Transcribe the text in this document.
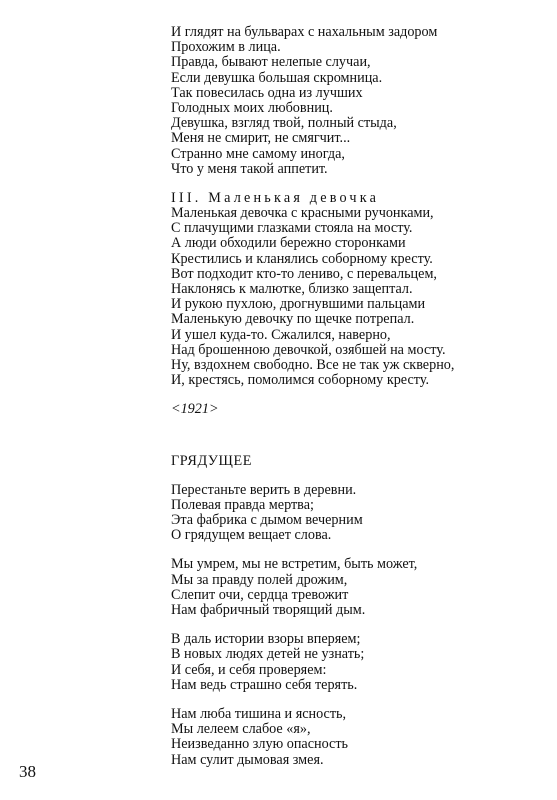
И глядят на бульварах с нахальным задором
Прохожим в лица.
Правда, бывают нелепые случаи,
Если девушка большая скромница.
Так повесилась одна из лучших
Голодных моих любовниц.
Девушка, взгляд твой, полный стыда,
Меня не смирит, не смягчит...
Странно мне самому иногда,
Что у меня такой аппетит.
III. Маленькая девочка
Маленькая девочка с красными ручонками,
С плачущими глазками стояла на мосту.
А люди обходили бережно сторонками
Крестились и кланялись соборному кресту.
Вот подходит кто-то лениво, с перевальцем,
Наклонясь к малютке, близко защептал.
И рукою пухлою, дрогнувшими пальцами
Маленькую девочку по щечке потрепал.
И ушел куда-то. Сжалился, наверно,
Над брошенною девочкой, озябшей на мосту.
Ну, вздохнем свободно. Все не так уж скверно,
И, крестясь, помолимся соборному кресту.
<1921>
ГРЯДУЩЕЕ
Перестаньте верить в деревни.
Полевая правда мертва;
Эта фабрика с дымом вечерним
О грядущем вещает слова.
Мы умрем, мы не встретим, быть может,
Мы за правду полей дрожим,
Слепит очи, сердца тревожит
Нам фабричный творящий дым.
В даль истории взоры вперяем;
В новых людях детей не узнать;
И себя, и себя проверяем:
Нам ведь страшно себя терять.
Нам люба тишина и ясность,
Мы лелеем слабое «я»,
Неизведанно злую опасность
Нам сулит дымовая змея.
38
